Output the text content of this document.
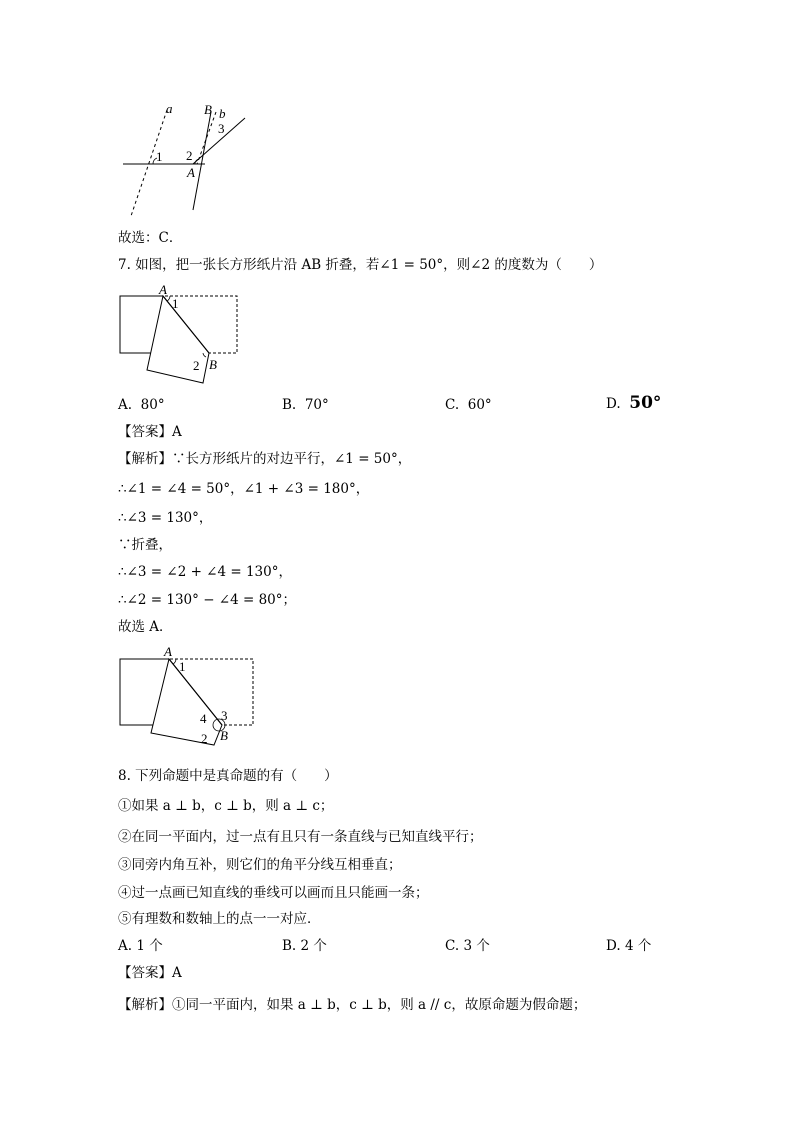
a B b
1 2
3
A
故选：C．
7. 如图，把一张长方形纸片沿 AB 折叠，若∠1 = 50°，则∠2 的度数为（　　）
A
1
2 B
A. 80°	B. 70°	C. 60°	D. 50°
【答案】A
【解析】∵长方形纸片的对边平行，∠1 = 50°，
∴∠1 = ∠4 = 50°，∠1 + ∠3 = 180°，
∴∠3 = 130°，
∵折叠，
∴∠3 = ∠2 + ∠4 = 130°，
∴∠2 = 130° − ∠4 = 80°；
故选 A．
A
1
2
3
4
B
8. 下列命题中是真命题的有（　　）
①如果 a ⊥ b，c ⊥ b，则 a ⊥ c；
②在同一平面内，过一点有且只有一条直线与已知直线平行；
③同旁内角互补，则它们的角平分线互相垂直；
④过一点画已知直线的垂线可以画而且只能画一条；
⑤有理数和数轴上的点一一对应．
A. 1 个	B. 2 个	C. 3 个	D. 4 个
【答案】A
【解析】①同一平面内，如果 a ⊥ b，c ⊥ b，则 a // c，故原命题为假命题；
